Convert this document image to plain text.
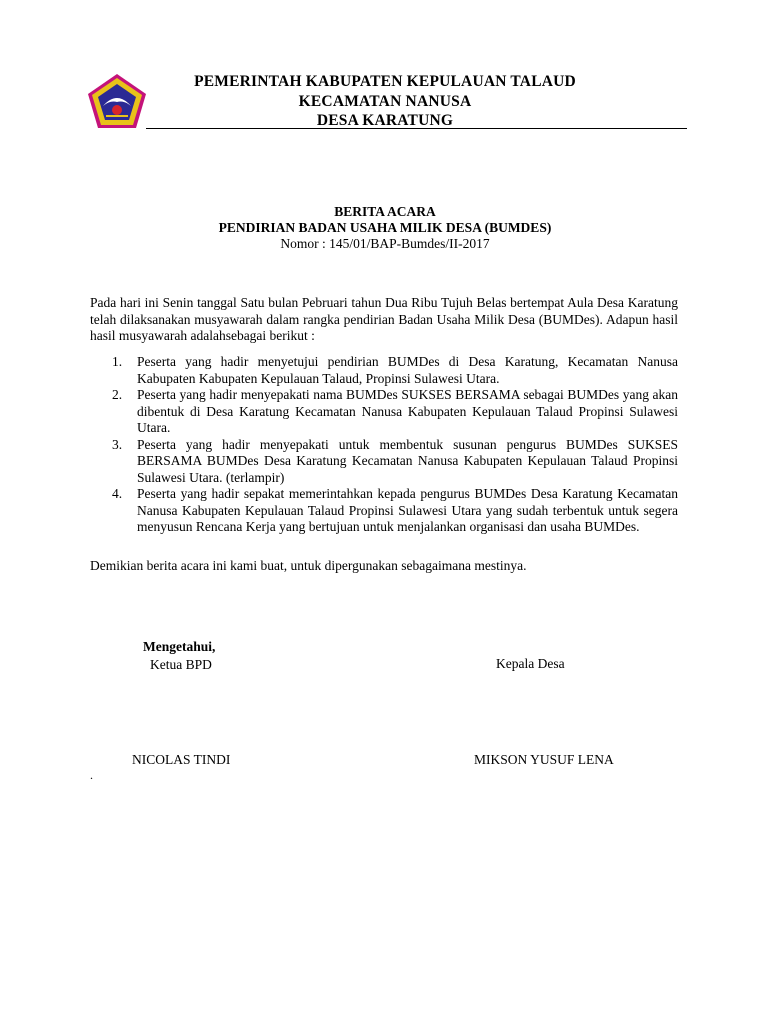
PEMERINTAH KABUPATEN KEPULAUAN TALAUD
KECAMATAN NANUSA
DESA KARATUNG
BERITA ACARA
PENDIRIAN BADAN USAHA MILIK DESA (BUMDES)
Nomor : 145/01/BAP-Bumdes/II-2017

Pada hari ini Senin tanggal Satu bulan Pebruari tahun Dua Ribu Tujuh Belas bertempat Aula Desa Karatung telah dilaksanakan musyawarah dalam rangka pendirian Badan Usaha Milik Desa (BUMDes). Adapun hasil hasil musyawarah adalahsebagai berikut :

1. Peserta yang hadir menyetujui pendirian BUMDes di Desa Karatung, Kecamatan Nanusa Kabupaten Kabupaten Kepulauan Talaud, Propinsi Sulawesi Utara.
2. Peserta yang hadir menyepakati nama BUMDes SUKSES BERSAMA sebagai BUMDes yang akan dibentuk di Desa Karatung Kecamatan Nanusa Kabupaten Kepulauan Talaud Propinsi Sulawesi Utara.
3. Peserta yang hadir menyepakati untuk membentuk susunan pengurus BUMDes SUKSES BERSAMA BUMDes Desa Karatung Kecamatan Nanusa Kabupaten Kepulauan Talaud Propinsi Sulawesi Utara. (terlampir)
4. Peserta yang hadir sepakat memerintahkan kepada pengurus BUMDes Desa Karatung Kecamatan Nanusa Kabupaten Kepulauan Talaud Propinsi Sulawesi Utara yang sudah terbentuk untuk segera menyusun Rencana Kerja yang bertujuan untuk menjalankan organisasi dan usaha BUMDes.
Demikian berita acara ini kami buat, untuk dipergunakan sebagaimana mestinya.
Mengetahui,
Ketua BPD	Kepala Desa
NICOLAS TINDI	MIKSON YUSUF LENA
.
